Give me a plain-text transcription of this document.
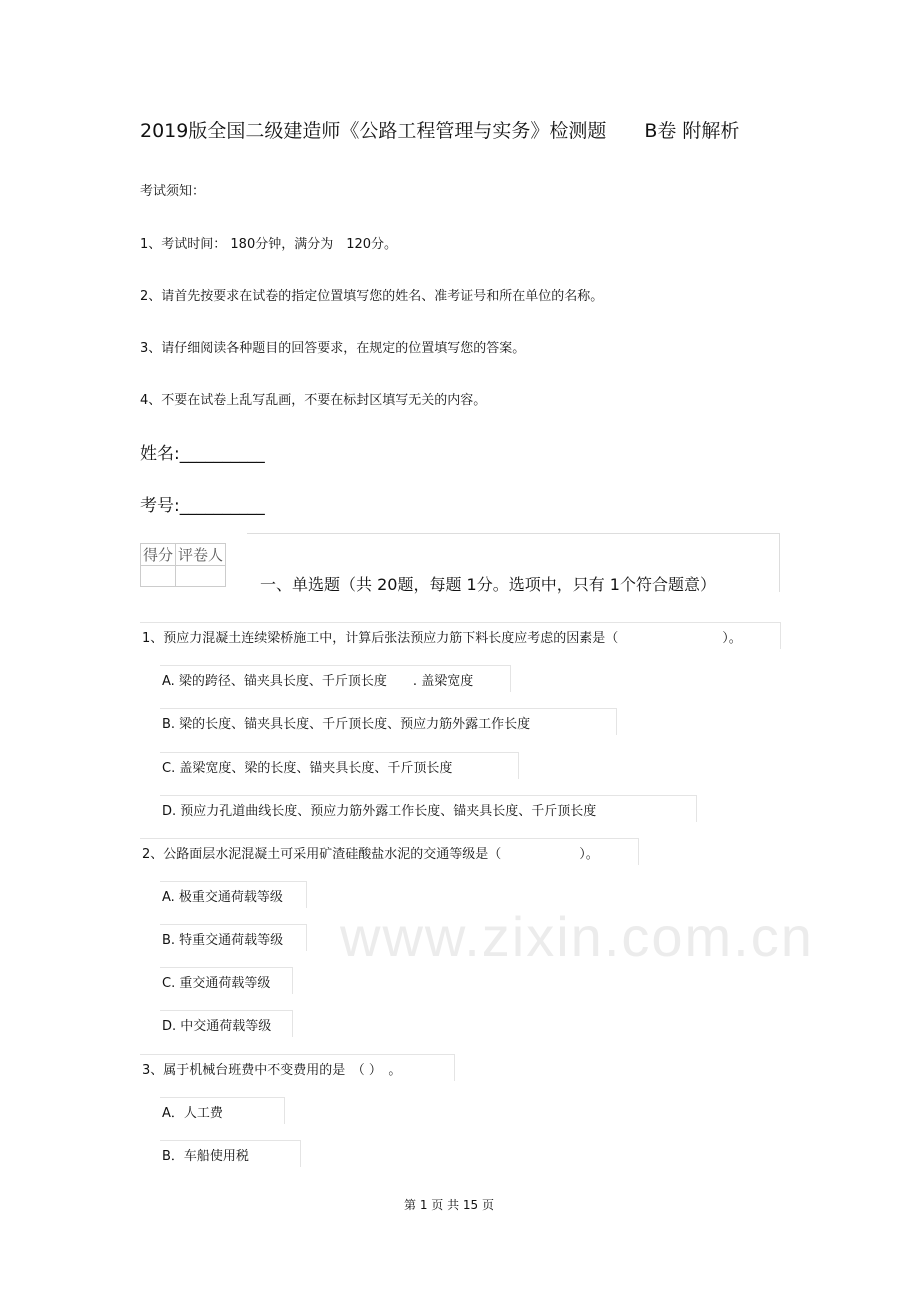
www.zixin.com.cn
2019版全国二级建造师《公路工程管理与实务》检测题　　B卷 附解析
考试须知：
1、考试时间： 180分钟，满分为　120分。
2、请首先按要求在试卷的指定位置填写您的姓名、准考证号和所在单位的名称。
3、请仔细阅读各种题目的回答要求，在规定的位置填写您的答案。
4、不要在试卷上乱写乱画，不要在标封区填写无关的内容。
姓名:__________
考号:__________
得分	评卷人

一、单选题（共 20题，每题 1分。选项中，只有 1个符合题意）
1、预应力混凝土连续梁桥施工中，计算后张法预应力筋下料长度应考虑的因素是（　　　　　　　　）。
A. 梁的跨径、锚夹具长度、千斤顶长度　　. 盖梁宽度
B. 梁的长度、锚夹具长度、千斤顶长度、预应力筋外露工作长度
C. 盖梁宽度、梁的长度、锚夹具长度、千斤顶长度
D. 预应力孔道曲线长度、预应力筋外露工作长度、锚夹具长度、千斤顶长度
2、公路面层水泥混凝土可采用矿渣硅酸盐水泥的交通等级是（　　　　　　）。
A. 极重交通荷载等级
B. 特重交通荷载等级
C. 重交通荷载等级
D. 中交通荷载等级
3、属于机械台班费中不变费用的是　（ ）　。
A．人工费
B．车船使用税
第 1 页 共 15 页
